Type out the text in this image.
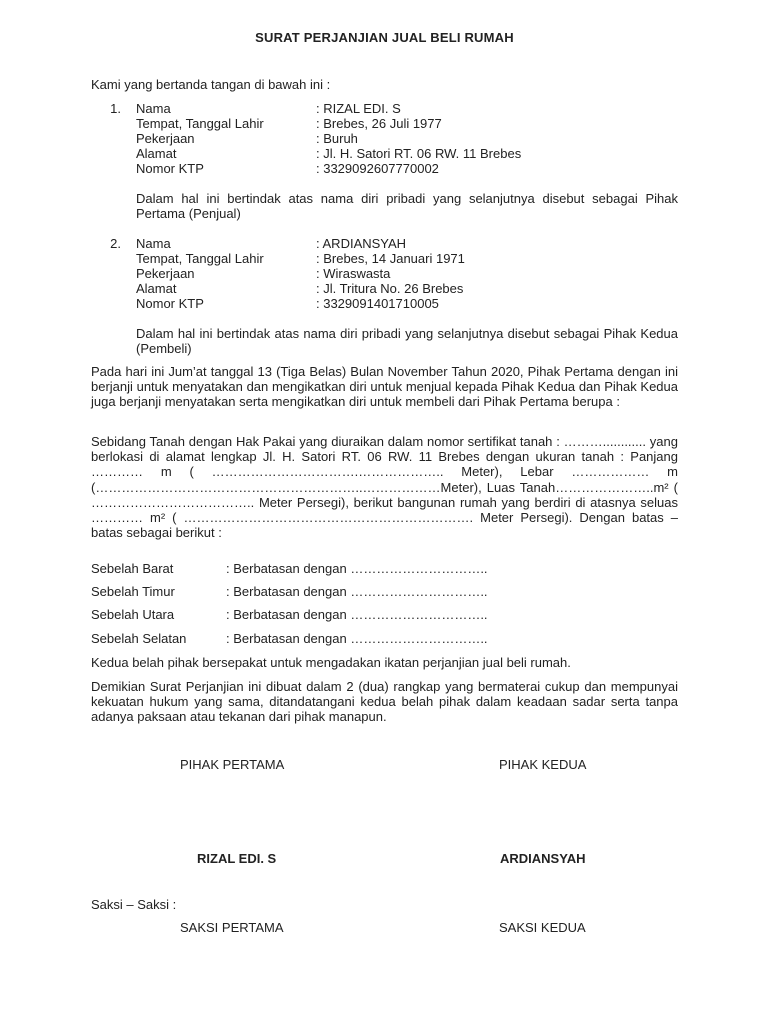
SURAT PERJANJIAN JUAL BELI RUMAH
Kami yang bertanda tangan di bawah ini :
1. Nama	: RIZAL EDI. S
Tempat, Tanggal Lahir	: Brebes, 26 Juli 1977
Pekerjaan	: Buruh
Alamat	: Jl. H. Satori RT. 06 RW. 11 Brebes
Nomor KTP	: 3329092607770002
Dalam hal ini bertindak atas nama diri pribadi yang selanjutnya disebut sebagai Pihak Pertama (Penjual)
2. Nama	: ARDIANSYAH
Tempat, Tanggal Lahir	: Brebes, 14 Januari 1971
Pekerjaan	: Wiraswasta
Alamat	: Jl. Tritura No. 26 Brebes
Nomor KTP	: 3329091401710005
Dalam hal ini bertindak atas nama diri pribadi yang selanjutnya disebut sebagai Pihak Kedua (Pembeli)
Pada hari ini Jum’at tanggal 13 (Tiga Belas) Bulan November Tahun 2020, Pihak Pertama dengan ini berjanji untuk menyatakan dan mengikatkan diri untuk menjual kepada Pihak Kedua dan Pihak Kedua juga berjanji menyatakan serta mengikatkan diri untuk membeli dari Pihak Pertama berupa :
Sebidang Tanah dengan Hak Pakai yang diuraikan dalam nomor sertifikat tanah : ………............ yang berlokasi di alamat lengkap Jl. H. Satori RT. 06 RW. 11 Brebes dengan ukuran tanah : Panjang ………… m ( …………………………….……………….. Meter), Lebar ……………… m (……………………………………………………..………………Meter), Luas Tanah…………………..m² ( ……………………………….. Meter Persegi), berikut bangunan rumah yang berdiri di atasnya seluas ………… m² ( …………………………………………………………. Meter Persegi). Dengan batas – batas sebagai berikut :
Sebelah Barat	: Berbatasan dengan …………………………..
Sebelah Timur	: Berbatasan dengan …………………………..
Sebelah Utara	: Berbatasan dengan …………………………..
Sebelah Selatan	: Berbatasan dengan …………………………..
Kedua belah pihak bersepakat untuk mengadakan ikatan perjanjian jual beli rumah.
Demikian Surat Perjanjian ini dibuat dalam 2 (dua) rangkap yang bermaterai cukup dan mempunyai kekuatan hukum yang sama, ditandatangani kedua belah pihak dalam keadaan sadar serta tanpa adanya paksaan atau tekanan dari pihak manapun.
PIHAK PERTAMA	PIHAK KEDUA
RIZAL EDI. S	ARDIANSYAH
Saksi – Saksi :
SAKSI PERTAMA	SAKSI KEDUA
